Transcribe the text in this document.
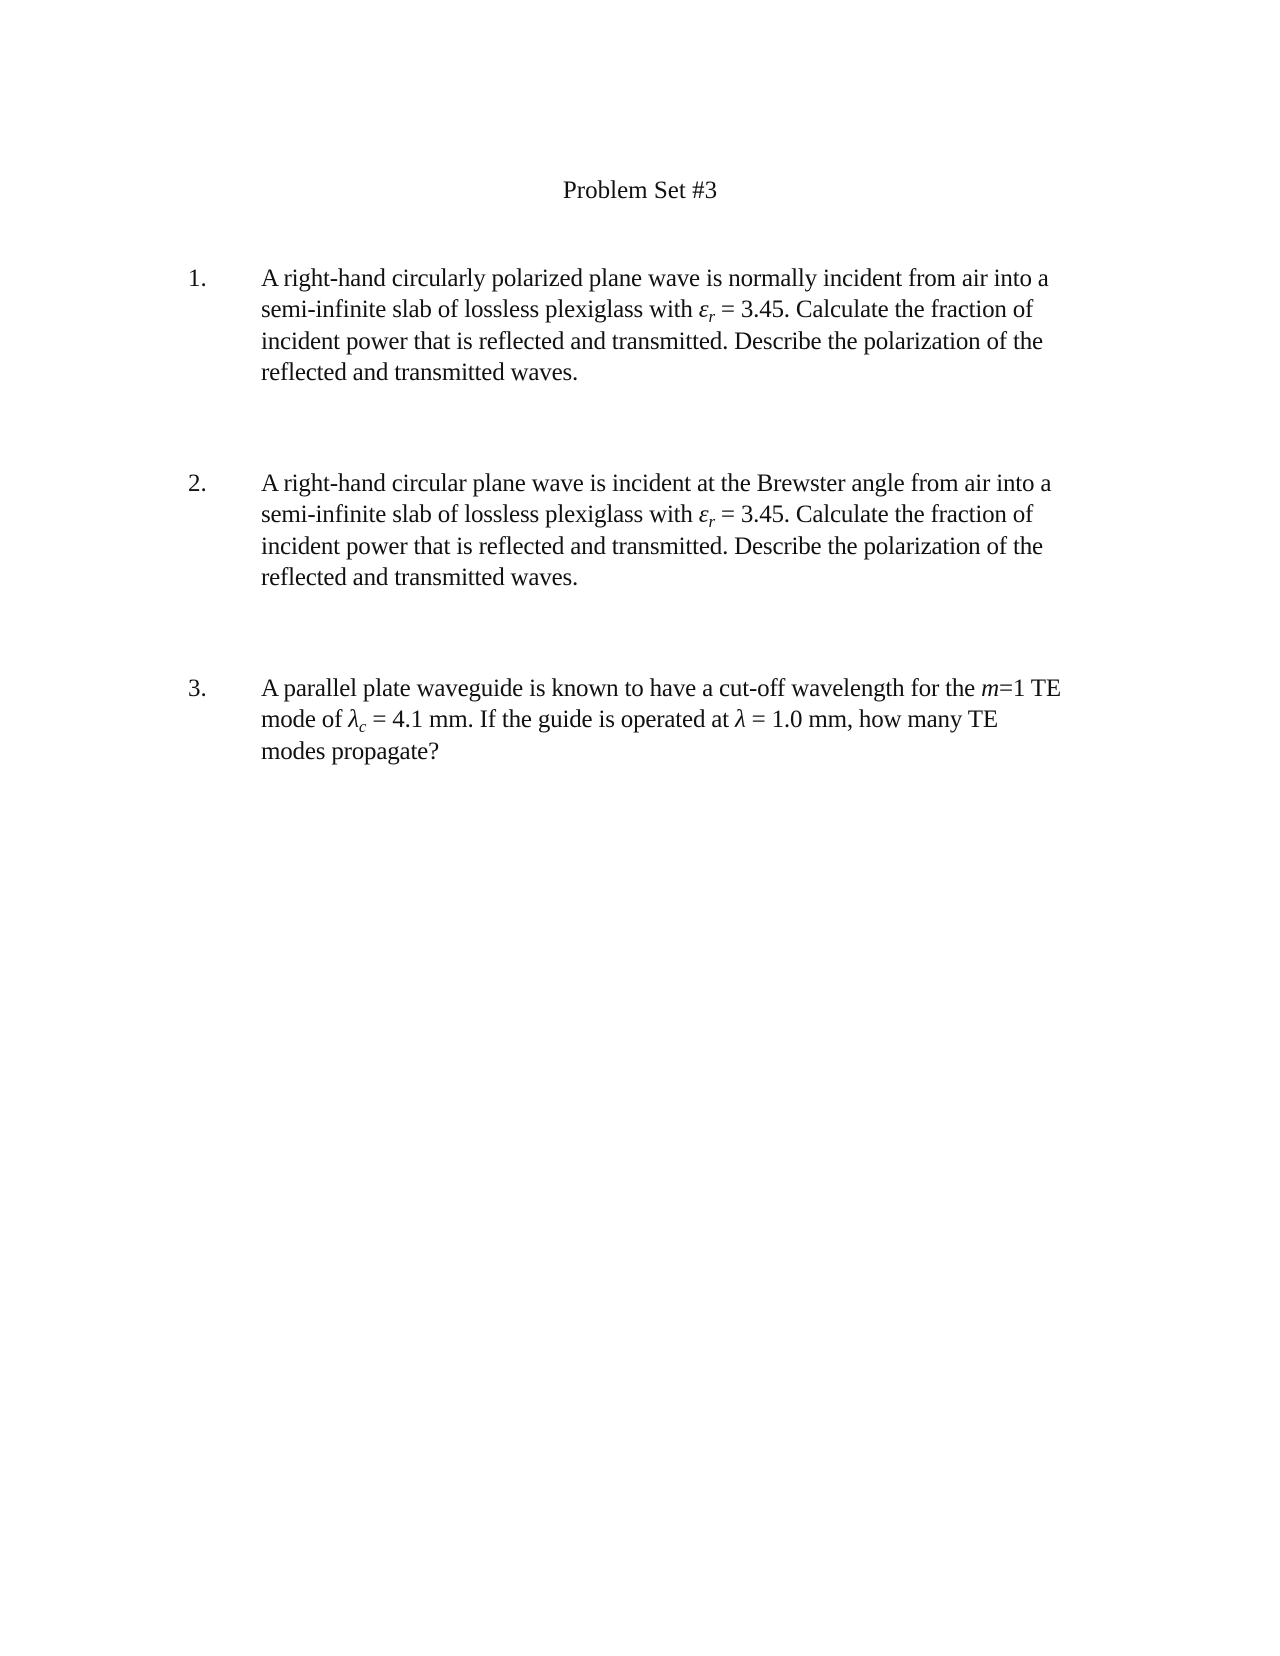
Problem Set #3
1. A right-hand circularly polarized plane wave is normally incident from air into a
semi-infinite slab of lossless plexiglass with $\varepsilon_r = 3.45$. Calculate the fraction of
incident power that is reflected and transmitted. Describe the polarization of the
reflected and transmitted waves.
2. A right-hand circular plane wave is incident at the Brewster angle from air into a
semi-infinite slab of lossless plexiglass with $\varepsilon_r = 3.45$. Calculate the fraction of
incident power that is reflected and transmitted. Describe the polarization of the
reflected and transmitted waves.
3. A parallel plate waveguide is known to have a cut-off wavelength for the m=1 TE
mode of $\lambda_c = 4.1$ mm. If the guide is operated at λ = 1.0 mm, how many TE
modes propagate?
